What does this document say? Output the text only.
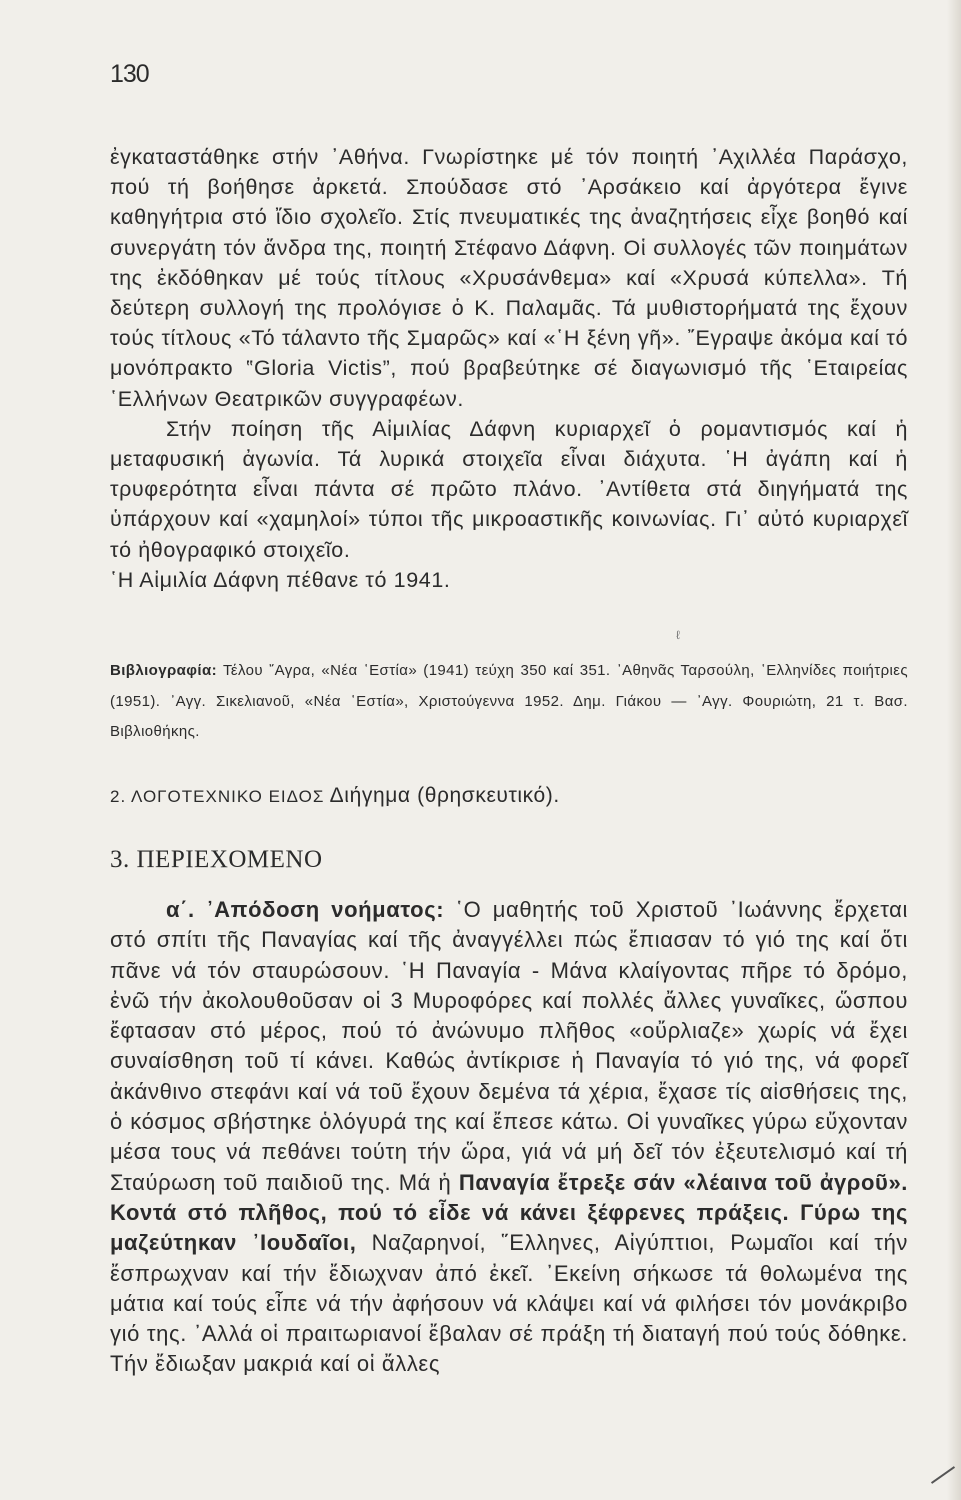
130

ἐγκαταστάθηκε στήν ᾿Αθήνα. Γνωρίστηκε μέ τόν ποιητή ᾿Αχιλλέα Παράσχο, πού τή βοήθησε ἀρκετά. Σπούδασε στό ᾿Αρσάκειο καί ἀργότερα ἔγινε καθηγήτρια στό ἴδιο σχολεῖο. Στίς πνευματικές της ἀναζητήσεις εἶχε βοηθό καί συνεργάτη τόν ἄνδρα της, ποιητή Στέφανο Δάφνη. Οἱ συλλογές τῶν ποιημάτων της ἐκδόθηκαν μέ τούς τίτλους «Χρυσάνθεμα» καί «Χρυσά κύπελλα». Τή δεύτερη συλλογή της προλόγισε ὁ Κ. Παλαμᾶς. Τά μυθιστορήματά της ἔχουν τούς τίτλους «Τό τάλαντο τῆς Σμαρῶς» καί «῾Η ξένη γῆ». ῎Εγραψε ἀκόμα καί τό μονόπρακτο ‟Gloria Victis”, πού βραβεύτηκε σέ διαγωνισμό τῆς ῾Εταιρείας ῾Ελλήνων Θεατρικῶν συγγραφέων.

Στήν ποίηση τῆς Αἰμιλίας Δάφνη κυριαρχεῖ ὁ ρομαντισμός καί ἡ μεταφυσική ἀγωνία. Τά λυρικά στοιχεῖα εἶναι διάχυτα. ῾Η ἀγάπη καί ἡ τρυφερότητα εἶναι πάντα σέ πρῶτο πλάνο. ᾿Αντίθετα στά διηγήματά της ὑπάρχουν καί «χαμηλοί» τύποι τῆς μικροαστικῆς κοινωνίας. Γι᾿ αὐτό κυριαρχεῖ τό ἠθογραφικό στοιχεῖο.

῾Η Αἰμιλία Δάφνη πέθανε τό 1941.

ℓ
Βιβλιογραφία: Τέλου ῎Αγρα, «Νέα ῾Εστία» (1941) τεύχη 350 καί 351. ᾿Αθηνᾶς Ταρσούλη, ῾Ελληνίδες ποιήτριες (1951). ᾿Αγγ. Σικελιανοῦ, «Νέα ῾Εστία», Χριστούγεννα 1952. Δημ. Γιάκου — ᾿Αγγ. Φουριώτη, 21 τ. Βασ. Βιβλιοθήκης.
2. ΛΟΓΟΤΕΧΝΙΚΟ ΕΙΔΟΣ Διήγημα (θρησκευτικό).
3. ΠΕΡΙΕΧΟΜΕΝΟ

α΄. ᾿Απόδοση νοήματος: ῾Ο μαθητής τοῦ Χριστοῦ ᾿Ιωάννης ἔρχεται στό σπίτι τῆς Παναγίας καί τῆς ἀναγγέλλει πώς ἔπιασαν τό γιό της καί ὅτι πᾶνε νά τόν σταυρώσουν. ῾Η Παναγία - Μάνα κλαίγοντας πῆρε τό δρόμο, ἐνῶ τήν ἀκολουθοῦσαν οἱ 3 Μυροφόρες καί πολλές ἄλλες γυναῖκες, ὥσπου ἔφτασαν στό μέρος, πού τό ἀνώνυμο πλῆθος «οὔρλιαζε» χωρίς νά ἔχει συναίσθηση τοῦ τί κάνει. Καθώς ἀντίκρισε ἡ Παναγία τό γιό της, νά φορεῖ ἀκάνθινο στεφάνι καί νά τοῦ ἔχουν δεμένα τά χέρια, ἔχασε τίς αἰσθήσεις της, ὁ κόσμος σβήστηκε ὁλόγυρά της καί ἔπεσε κάτω. Οἱ γυναῖκες γύρω εὔχονταν μέσα τους νά πεθάνει τούτη τήν ὥρα, γιά νά μή δεῖ τόν ἐξευτελισμό καί τή Σταύρωση τοῦ παιδιοῦ της. Μά ἡ Παναγία ἔτρεξε σάν «λέαινα τοῦ ἀγροῦ». Κοντά στό πλῆθος, πού τό εἶδε νά κάνει ξέφρενες πράξεις. Γύρω της μαζεύτηκαν ᾿Ιουδαῖοι, Ναζαρηνοί, ῞Ελληνες, Αἰγύπτιοι, Ρωμαῖοι καί τήν ἔσπρωχναν καί τήν ἔδιωχναν ἀπό ἐκεῖ. ᾿Εκείνη σήκωσε τά θολωμένα της μάτια καί τούς εἶπε νά τήν ἀφήσουν νά κλάψει καί νά φιλήσει τόν μονάκριβο γιό της. ᾿Αλλά οἱ πραιτωριανοί ἔβαλαν σέ πράξη τή διαταγή πού τούς δόθηκε. Τήν ἔδιωξαν μακριά καί οἱ ἄλλες
